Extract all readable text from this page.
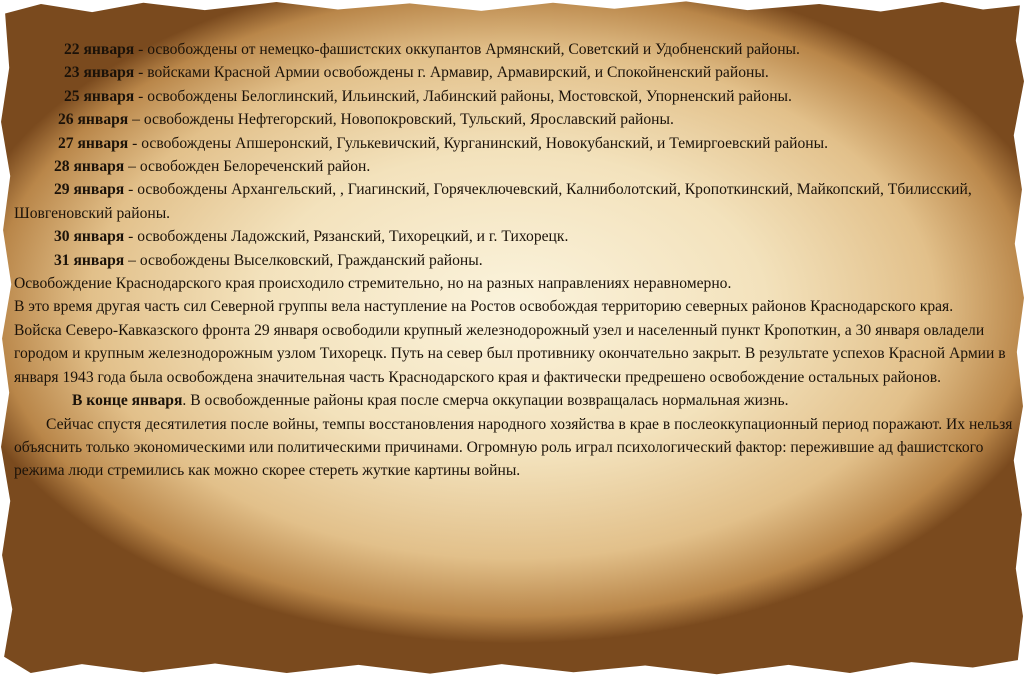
22 января - освобождены от немецко-фашистских оккупантов Армянский, Советский и Удобненский районы.

23 января - войсками Красной Армии освобождены г. Армавир, Армавирский, и Спокойненский районы.

25 января - освобождены Белоглинский, Ильинский, Лабинский районы, Мостовской, Упорненский районы.

26 января – освобождены Нефтегорский, Новопокровский, Тульский, Ярославский районы.

27 января - освобождены Апшеронский, Гулькевичский, Курганинский, Новокубанский, и Темиргоевский районы.

28 января – освобожден Белореченский район.

29 января - освобождены Архангельский, , Гиагинский, Горячеключевский, Калниболотский, Кропоткинский, Майкопский, Тбилисский, Шовгеновский районы.

30 января - освобождены Ладожский, Рязанский, Тихорецкий, и г. Тихорецк.

31 января – освобождены Выселковский, Гражданский районы.

Освобождение Краснодарского края происходило стремительно, но на разных направлениях неравномерно.

В это время другая часть сил Северной группы вела наступление на Ростов освобождая территорию северных районов Краснодарского края.

Войска Северо-Кавказского фронта 29 января освободили крупный железнодорожный узел и населенный пункт Кропоткин, а 30 января овладели городом и крупным железнодорожным узлом Тихорецк. Путь на север был противнику окончательно закрыт. В результате успехов Красной Армии в января 1943 года была освобождена значительная часть Краснодарского края и фактически предрешено освобождение остальных районов.

В конце января. В освобожденные районы края после смерча оккупации возвращалась нормальная жизнь.

Сейчас спустя десятилетия после войны, темпы восстановления народного хозяйства в крае в послеоккупационный период поражают. Их нельзя объяснить только экономическими или политическими причинами. Огромную роль играл психологический фактор: пережившие ад фашистского режима люди стремились как можно скорее стереть жуткие картины войны.
